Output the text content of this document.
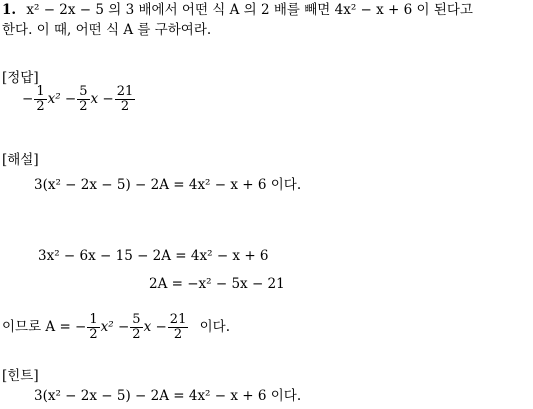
1. x² − 2x − 5 의 3 배에서 어떤 식 A 의 2 배를 빼면 4x² − x + 6 이 된다고
한다. 이 때, 어떤 식 A 를 구하여라.
[정답]
− $\frac{1}{2} x^2 - \frac{5}{2}$ $x - \frac{21}{2}$
[해설]
3(x² − 2x − 5) − 2A = 4x² − x + 6 이다.
3x² − 6x − 15 − 2A = 4x² − x + 6
2A = −x² − 5x − 21
이므로 A = − $\frac{1}{2} x^2 - \frac{5}{2}$ $x - \frac{21}{2}$ 이다.
[힌트]
3(x² − 2x − 5) − 2A = 4x² − x + 6 이다.
